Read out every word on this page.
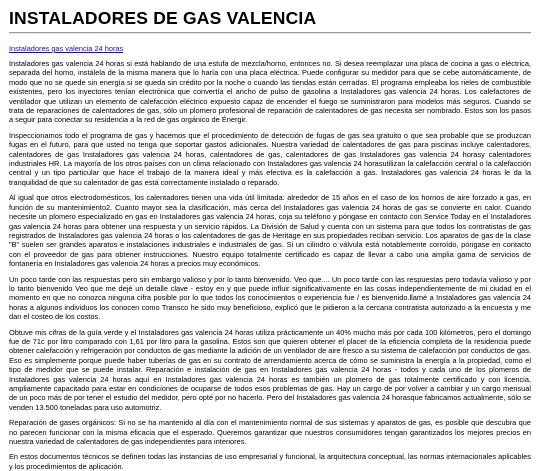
INSTALADORES DE GAS VALENCIA
Instaladores gas valencia 24 horas

Instaladores gas valencia 24 horas si está hablando de una estufa de mezcla/horno, entonces no. Si desea reemplazar una placa de cocina a gas o eléctrica, separada del horno, instálela de la misma manera que lo haría con una placa eléctrica. Puede configurar su medidor para que se cebe automáticamente, de modo que no se quede sin energía si se queda sin crédito por la noche o cuando las tiendas están cerradas. El programa empleaba los rieles de combustible existentes, pero los inyectores tenían electrónica que convertía el ancho de pulso de gasolina a Instaladores gas valencia 24 horas. Los calefactores de ventilador que utilizan un elemento de calefacción eléctrico expuesto capaz de encender el fuego se suministraron para modelos más seguros. Cuando se trata de reparaciones de calentadores de gas, sólo un plomero profesional de reparación de calentadores de gas necesita ser nombrado. Estos son los pasos a seguir para conectar su residencia a la red de gas orgánico de Énergir.

Inspeccionamos todo el programa de gas y hacemos que el procedimiento de detección de fugas de gas sea gratuito o que sea probable que se produzcan fugas en el futuro, para que usted no tenga que soportar gastos adicionales. Nuestra variedad de calentadores de gas para piscinas incluye calentadores, calentadores de gas Instaladores gas valencia 24 horas, calentadores de gas, calentadores de gas Instaladores gas valencia 24 horasy calentadores industriales HR. La mayoría de los otros países con un clima relacionado con Instaladores gas valencia 24 horasutilizan la calefacción central o la calefacción central y un tipo particular que hace el trabajo de la manera ideal y más efectiva es la calefacción a gas. Instaladores gas valencia 24 horas le da la tranquilidad de que su calentador de gas está correctamente instalado o reparado.

Al igual que otros electrodomésticos, los calentadores tienen una vida útil limitada: alrededor de 15 años en el caso de los hornos de aire forzado a gas, en función de su mantenimiento2. Cuanto mayor sea la clasificación, más cerca del Instaladores gas valencia 24 horas de gas se convierte en calor. Cuando necesite un plomero especializado en gas en Instaladores gas valencia 24 horas, coja su teléfono y póngase en contacto con Service Today en el Instaladores gas valencia 24 horas para obtener una respuesta y un servicio rápidos. La División de Salud y cuenta con un sistema para que todos los contratistas de gas registrados de Instaladores gas valencia 24 horas o los calentadores de gas de Heritage en sus propiedades reciban servicio. Los aparatos de gas de la clase "B" suelen ser grandes aparatos e instalaciones industriales e industriales de gas. Si un cilindro o válvula está notablemente corroído, póngase en contacto con el proveedor de gas para obtener instrucciones. Nuestro equipo totalmente certificado es capaz de llevar a cabo una amplia gama de servicios de fontanería en Instaladores gas valencia 24 horas a precios muy económicos.

Un poco tarde con las respuestas pero sin embargo valioso y por lo tanto bienvenido. Veo que.... Un poco tarde con las respuestas pero todavía valioso y por lo tanto bienvenido Veo que me dejé un detalle clave - estoy en y que puede influir significativamente en las cosas independientemente de mi ciudad en el momento en que no conozca ninguna cifra posible por lo que todos los conocimientos o experiencia fue / es bienvenido.llamé a Instaladores gas valencia 24 horas a algunos individuos los conocen como Transco he sido muy beneficioso, explicó que le pidieron a la cercana contratista autorizado a la encuesta y me dan el costeo de los costos.

Obtuve mis cifras de la guía verde y el Instaladores gas valencia 24 horas utiliza prácticamente un 40% mucho más por cada 100 kilómetros, pero el domingo fue de 71c por litro comparado con 1,61 por litro para la gasolina. Estos son que quieren obtener el placer de la eficiencia completa de la residencia puede obtener calefacción y refrigeración por conductos de gas mediante la adición de un ventilador de aire fresco a su sistema de calefacción por conductos de gas. Eso es simplemente porque puede haber tuberías de gas en su contrato de arrendamiento acerca de cómo se suministra la energía a la propiedad, como el tipo de medidor que se puede instalar. Reparación e instalación de gas en Instaladores gas valencia 24 horas - todos y cada uno de los plomeros de Instaladores gas valencia 24 horas aquí en Instaladores gas valencia 24 horas es también un plomero de gas totalmente certificado y con licencia, ampliamente capacitado para estar en condiciones de ocuparse de todos esos problemas de gas. Hay un cargo de por volver a cambiar y un cargo mensual de un poco más de por tener el estudio del medidor, pero opté por no hacerlo. Pero del Instaladores gas valencia 24 horasque fabricamos actualmente, sólo se venden 13.500 toneladas para uso automotriz.

Reparación de gases orgánicos: Si no se ha mantenido al día con el mantenimiento normal de sus sistemas y aparatos de gas, es posible que descubra que no parecen funcionar con la misma eficacia que el esperado. Queremos garantizar que nuestros consumidores tengan garantizados los mejores precios en nuestra variedad de calentadores de gas independientes para interiores.

En estos documentos técnicos se definen todas las instancias de uso empresarial y funcional, la arquitectura conceptual, las normas internacionales aplicables y los procedimientos de aplicación.
